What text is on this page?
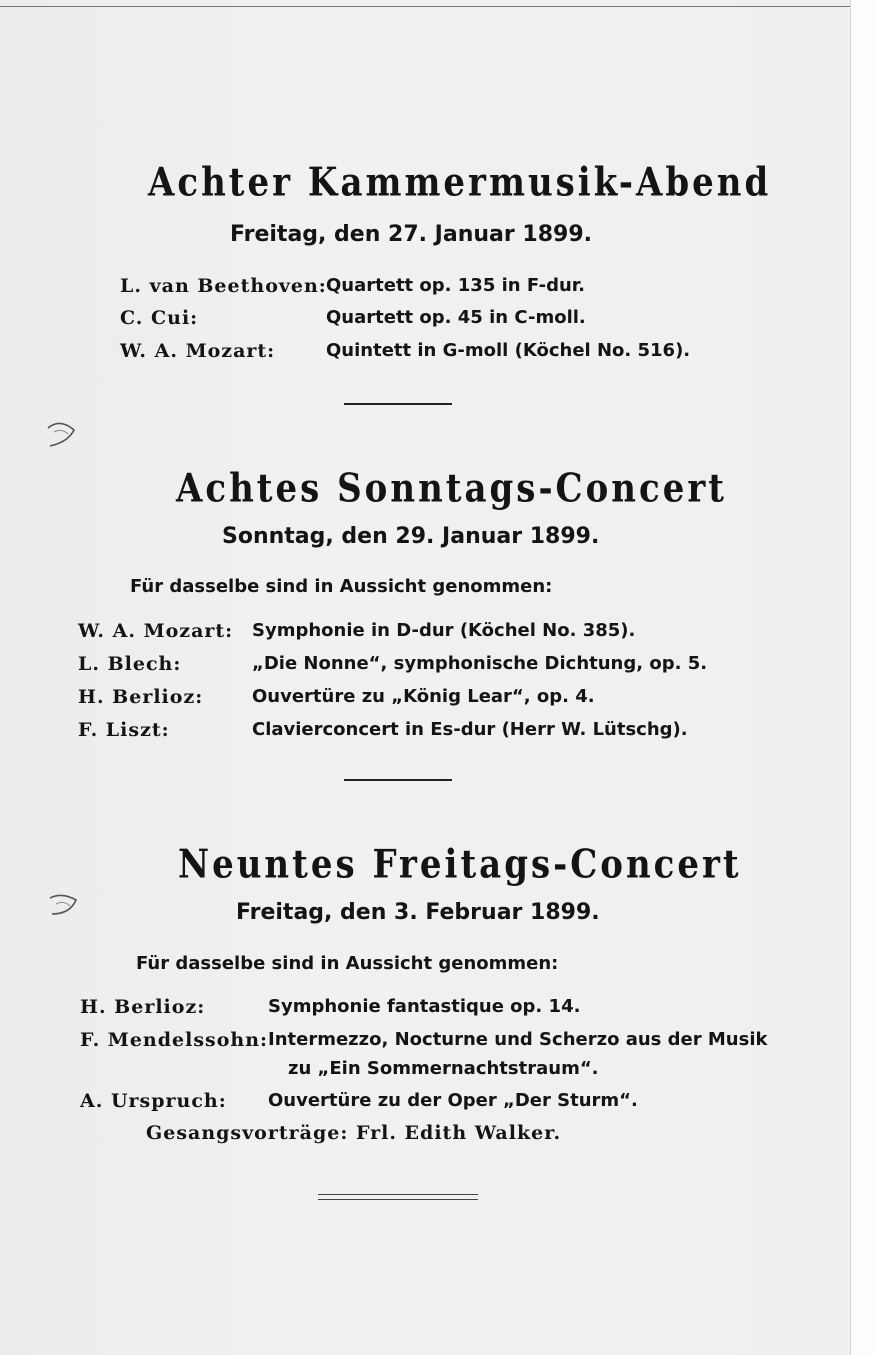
Achter Kammermusik-Abend
Freitag, den 27. Januar 1899.
L. van Beethoven: Quartett op. 135 in F-dur.
C. Cui:	Quartett op. 45 in C-moll.
W. A. Mozart:	Quintett in G-moll (Köchel No. 516).
Achtes Sonntags-Concert
Sonntag, den 29. Januar 1899.
Für dasselbe sind in Aussicht genommen:
W. A. Mozart: Symphonie in D-dur (Köchel No. 385).
L. Blech:	„Die Nonne“, symphonische Dichtung, op. 5.
H. Berlioz:	Ouvertüre zu „König Lear“, op. 4.
F. Liszt:	Clavierconcert in Es-dur (Herr W. Lütschg).
Neuntes Freitags-Concert
Freitag, den 3. Februar 1899.
Für dasselbe sind in Aussicht genommen:
H. Berlioz:	Symphonie fantastique op. 14.
F. Mendelssohn: Intermezzo, Nocturne und Scherzo aus der Musik
zu „Ein Sommernachtstraum“.
A. Urspruch: Ouvertüre zu der Oper „Der Sturm“.
Gesangsvorträge: Frl. Edith Walker.
